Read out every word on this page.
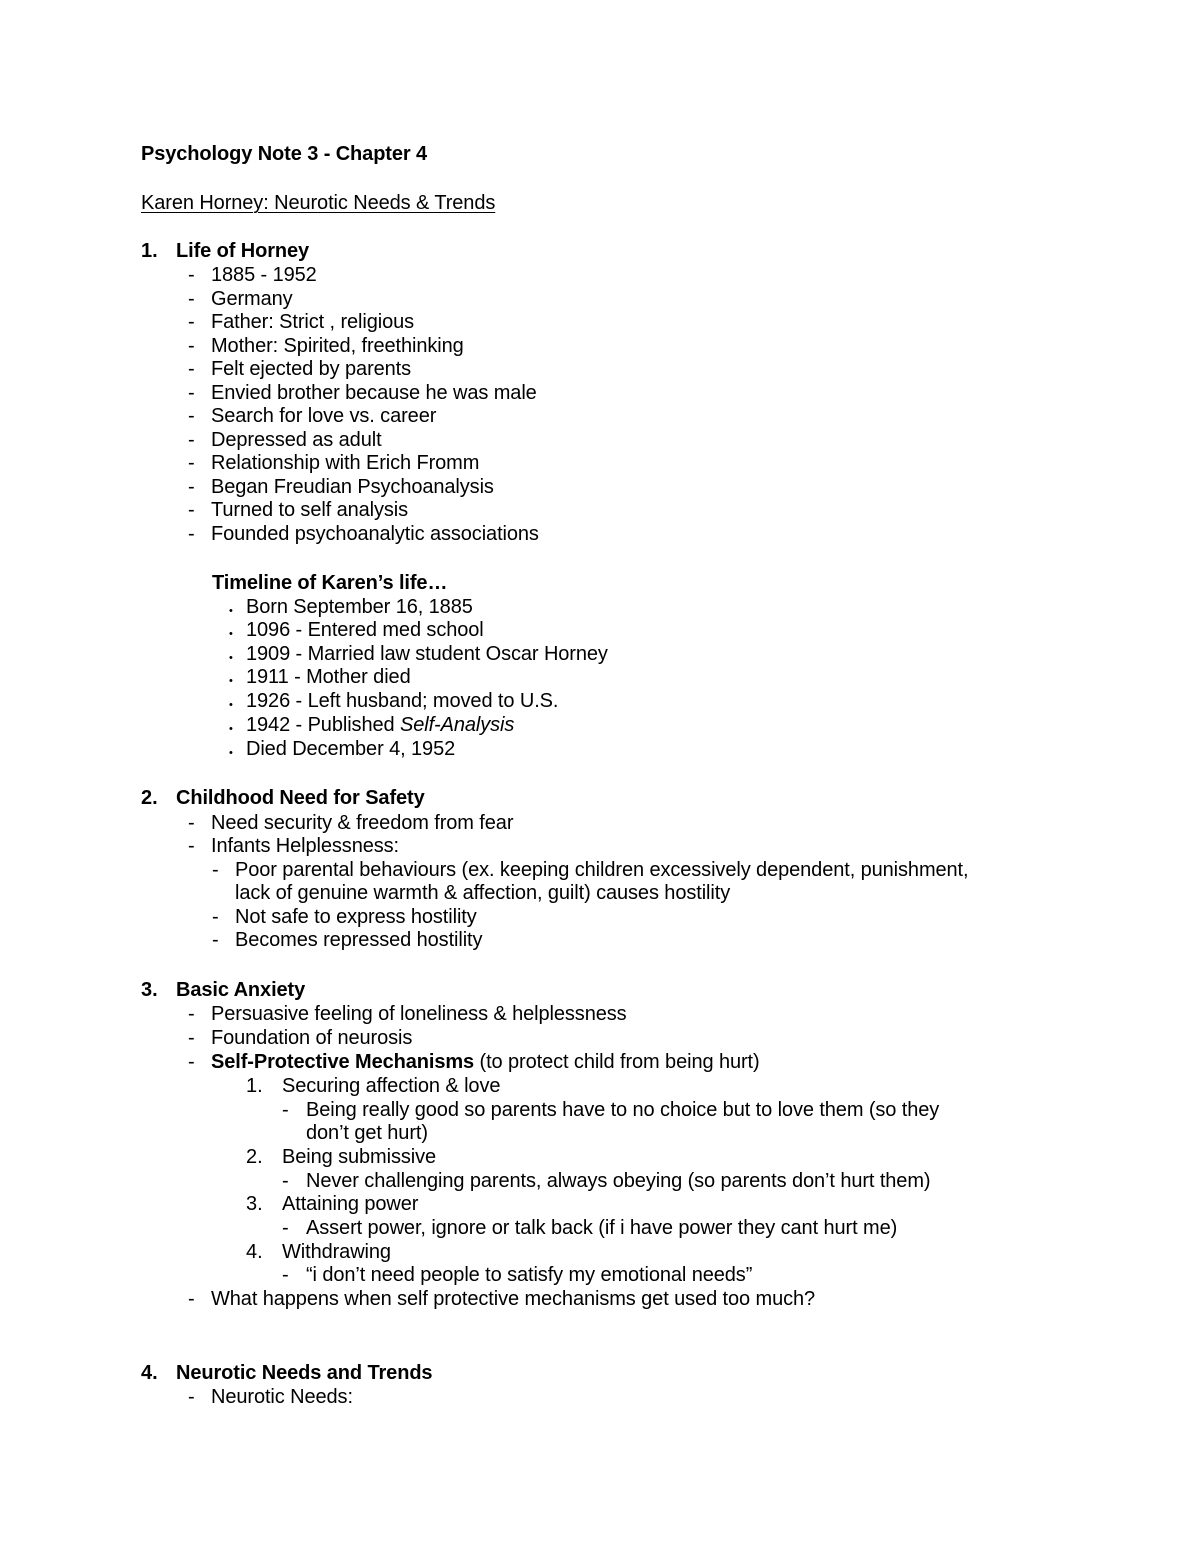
Psychology Note 3 - Chapter 4
Karen Horney: Neurotic Needs & Trends
1. Life of Horney
- 1885 - 1952
- Germany
- Father: Strict , religious
- Mother: Spirited, freethinking
- Felt ejected by parents
- Envied brother because he was male
- Search for love vs. career
- Depressed as adult
- Relationship with Erich Fromm
- Began Freudian Psychoanalysis
- Turned to self analysis
- Founded psychoanalytic associations
Timeline of Karen’s life…
• Born September 16, 1885
• 1096 - Entered med school
• 1909 - Married law student Oscar Horney
• 1911 - Mother died
• 1926 - Left husband; moved to U.S.
• 1942 - Published Self-Analysis
• Died December 4, 1952
2. Childhood Need for Safety
- Need security & freedom from fear
- Infants Helplessness:
- Poor parental behaviours (ex. keeping children excessively dependent, punishment,
lack of genuine warmth & affection, guilt) causes hostility
- Not safe to express hostility
- Becomes repressed hostility
3. Basic Anxiety
- Persuasive feeling of loneliness & helplessness
- Foundation of neurosis
- Self-Protective Mechanisms (to protect child from being hurt)
1. Securing affection & love
- Being really good so parents have to no choice but to love them (so they
don’t get hurt)
2. Being submissive
- Never challenging parents, always obeying (so parents don’t hurt them)
3. Attaining power
- Assert power, ignore or talk back (if i have power they cant hurt me)
4. Withdrawing
- “i don’t need people to satisfy my emotional needs”
- What happens when self protective mechanisms get used too much?
4. Neurotic Needs and Trends
- Neurotic Needs:
